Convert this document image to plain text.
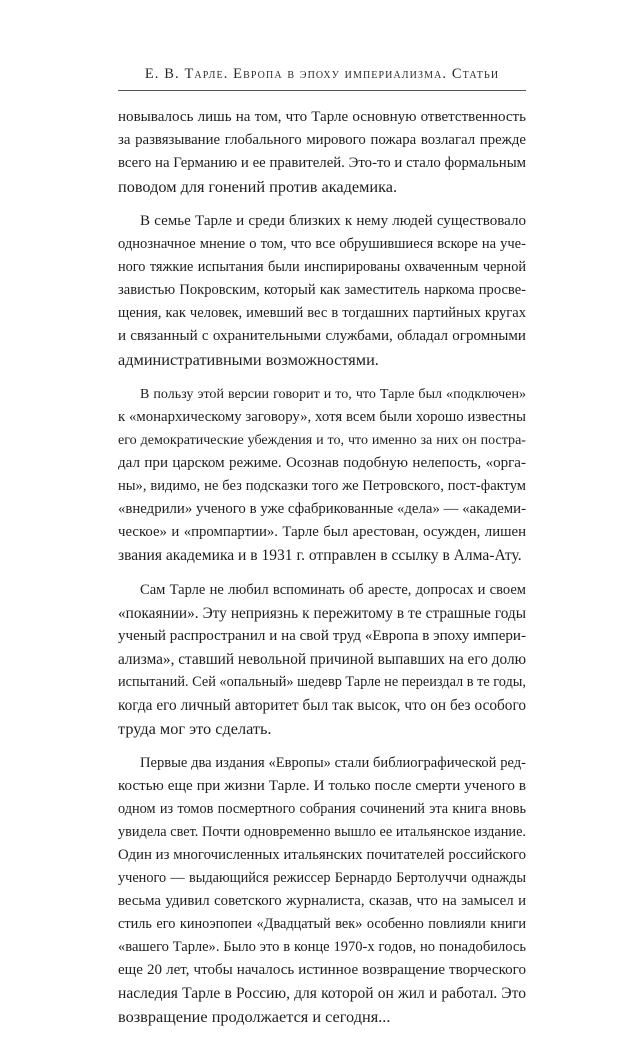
Е. В. Тарле. Европа в эпоху империализма. Статьи

новывалось лишь на том, что Тарле основную ответственность
за развязывание глобального мирового пожара возлагал прежде
всего на Германию и ее правителей. Это-то и стало формальным
поводом для гонений против академика.

В семье Тарле и среди близких к нему людей существовало
однозначное мнение о том, что все обрушившиеся вскоре на уче-
ного тяжкие испытания были инспирированы охваченным черной
завистью Покровским, который как заместитель наркома просве-
щения, как человек, имевший вес в тогдашних партийных кругах
и связанный с охранительными службами, обладал огромными
административными возможностями.

В пользу этой версии говорит и то, что Тарле был «подключен»
к «монархическому заговору», хотя всем были хорошо известны
его демократические убеждения и то, что именно за них он постра-
дал при царском режиме. Осознав подобную нелепость, «орга-
ны», видимо, не без подсказки того же Петровского, пост-фактум
«внедрили» ученого в уже сфабрикованные «дела» — «академи-
ческое» и «промпартии». Тарле был арестован, осужден, лишен
звания академика и в 1931 г. отправлен в ссылку в Алма-Ату.

Сам Тарле не любил вспоминать об аресте, допросах и своем
«покаянии». Эту неприязнь к пережитому в те страшные годы
ученый распространил и на свой труд «Европа в эпоху импери-
ализма», ставший невольной причиной выпавших на его долю
испытаний. Сей «опальный» шедевр Тарле не переиздал в те годы,
когда его личный авторитет был так высок, что он без особого
труда мог это сделать.

Первые два издания «Европы» стали библиографической ред-
костью еще при жизни Тарле. И только после смерти ученого в
одном из томов посмертного собрания сочинений эта книга вновь
увидела свет. Почти одновременно вышло ее итальянское издание.
Один из многочисленных итальянских почитателей российского
ученого — выдающийся режиссер Бернардо Бертолуччи однажды
весьма удивил советского журналиста, сказав, что на замысел и
стиль его киноэпопеи «Двадцатый век» особенно повлияли книги
«вашего Тарле». Было это в конце 1970-х годов, но понадобилось
еще 20 лет, чтобы началось истинное возвращение творческого
наследия Тарле в Россию, для которой он жил и работал. Это
возвращение продолжается и сегодня...
